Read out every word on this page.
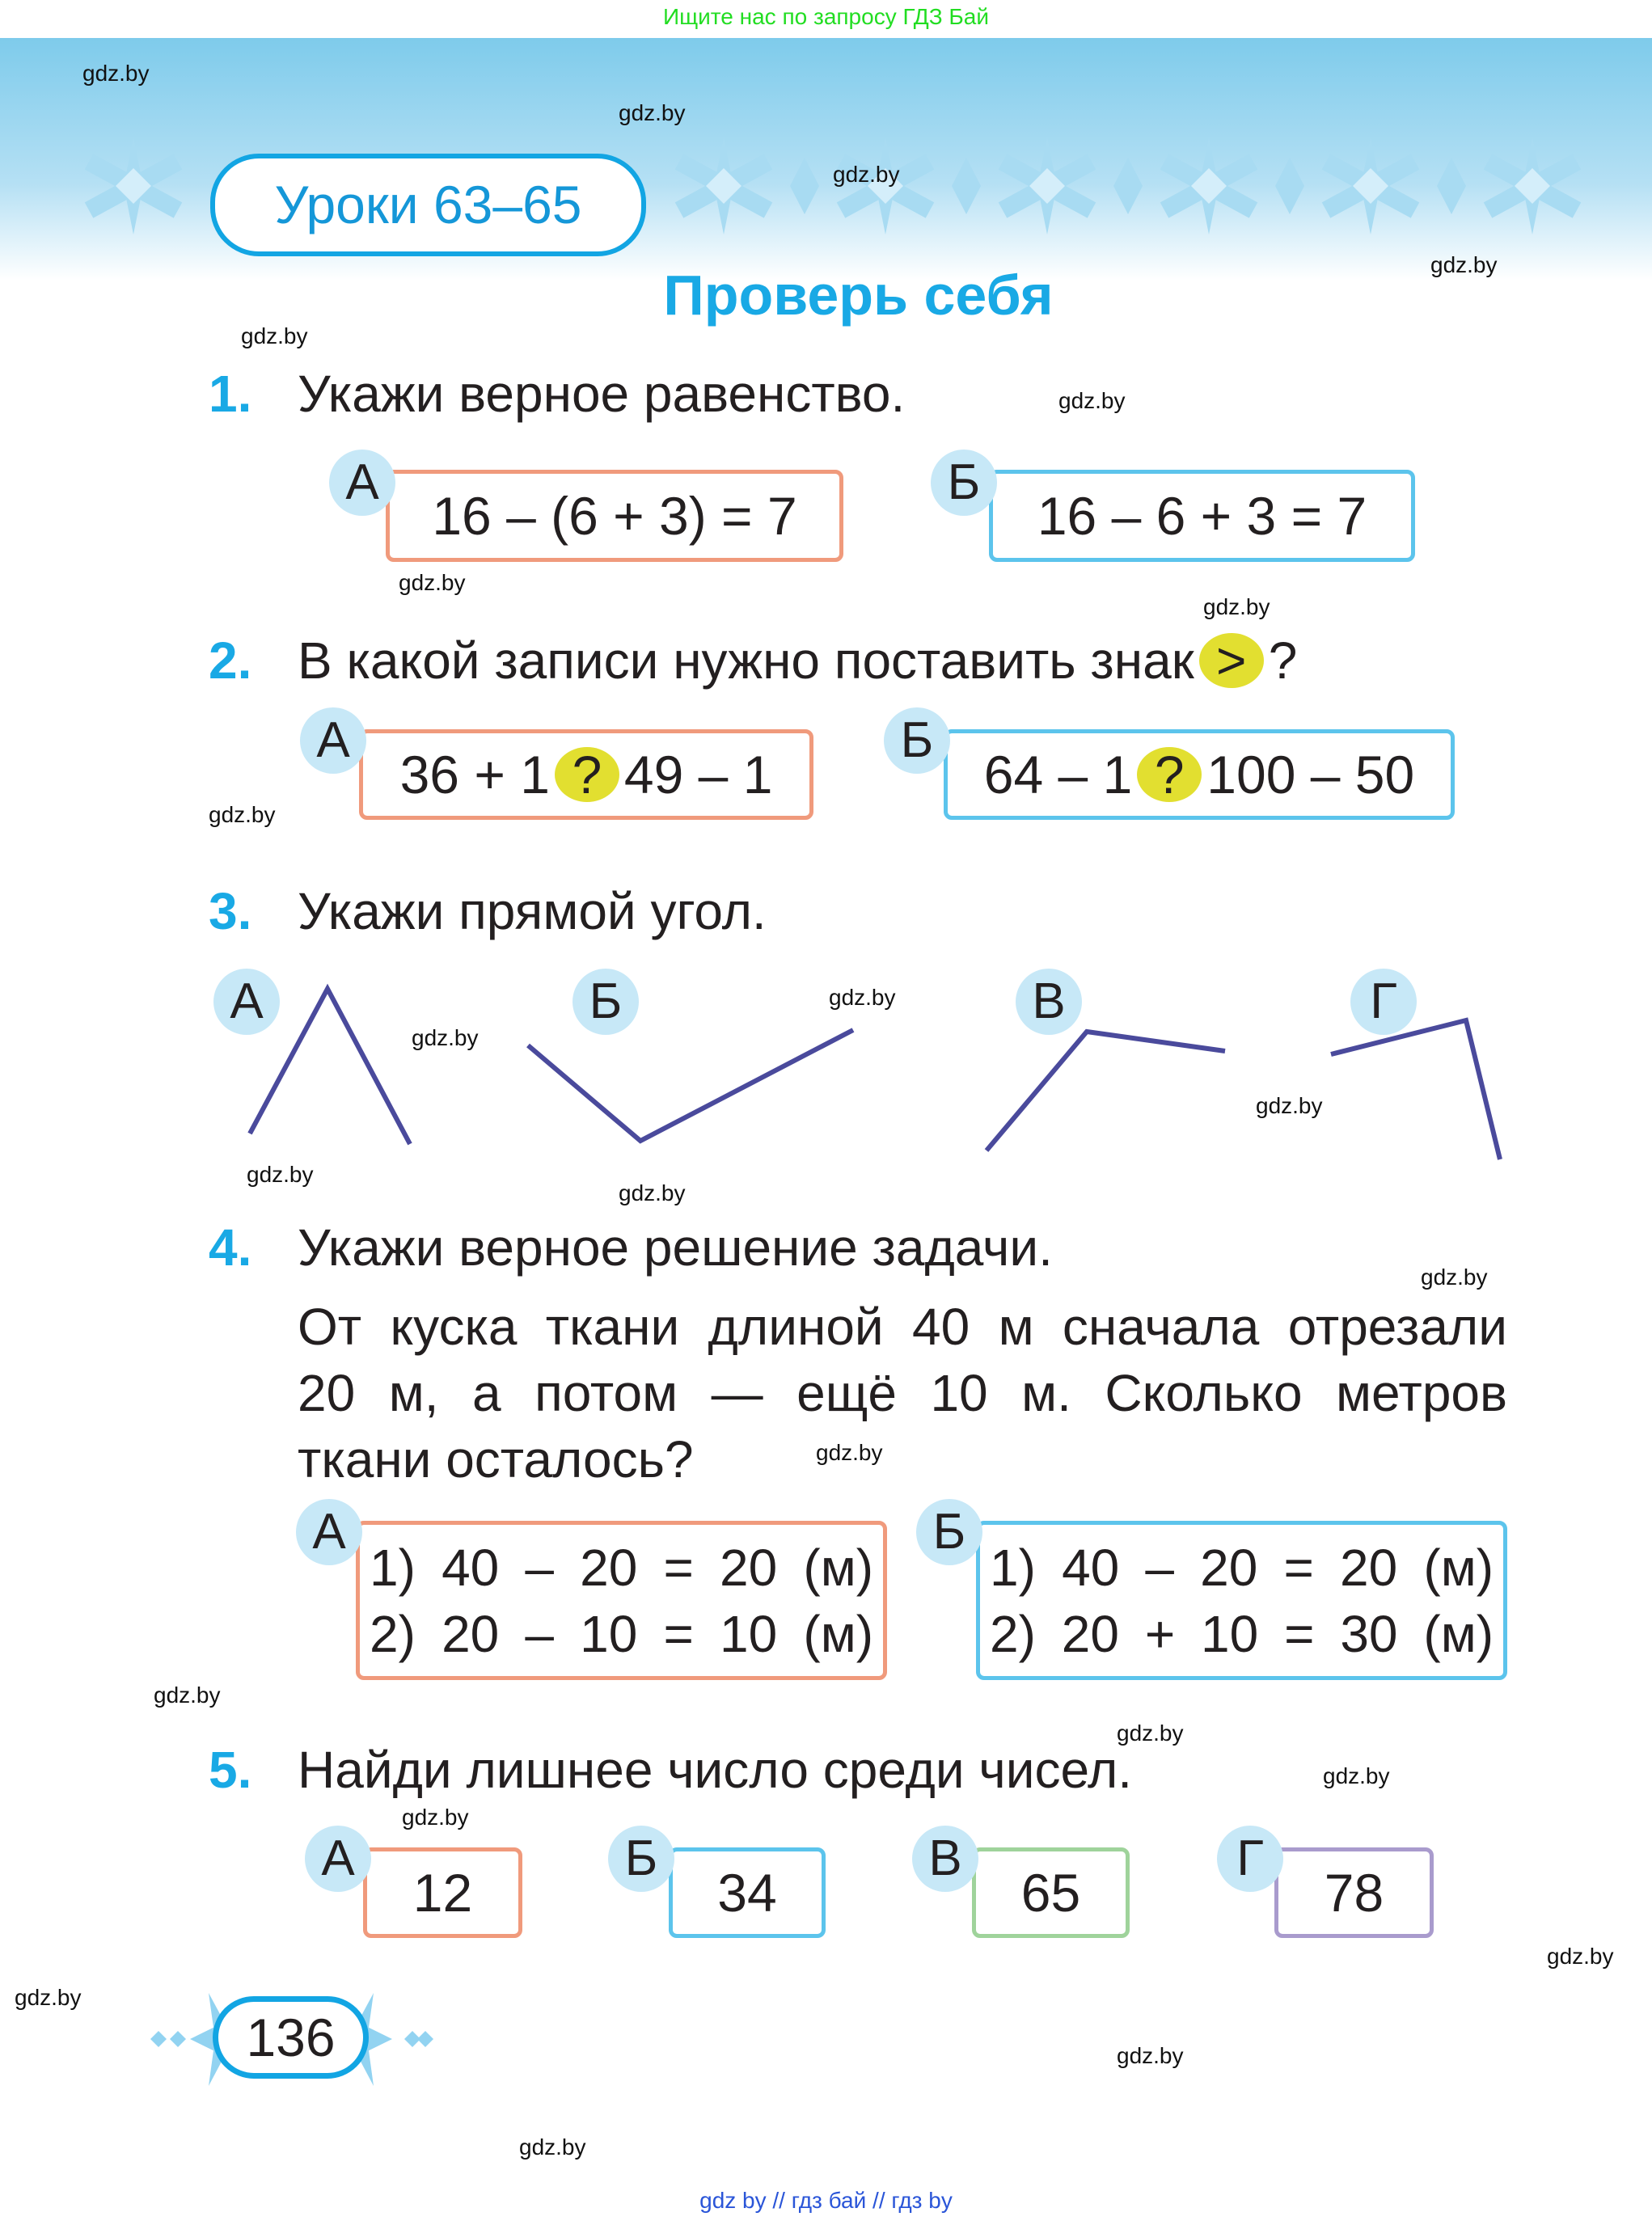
Ищите нас по запросу ГДЗ Бай
Уроки 63–65
Проверь себя
1. Укажи верное равенство.
16 – (6 + 3) = 7
А
16 – 6 + 3 = 7
Б
2. В какой записи нужно поставить знак > ?
36 + 1 ? 49 – 1
А
64 – 1 ? 100 – 50
Б
3. Укажи прямой угол.
А	Б	В	Г
4. Укажи верное решение задачи.
От куска ткани длиной 40 м сначала отрезали
20 м, а потом — ещё 10 м. Сколько метров
ткани осталось?
1) 40 – 20 = 20 (м)
2) 20 – 10 = 10 (м)
А
1) 40 – 20 = 20 (м)
2) 20 + 10 = 30 (м)
Б
5. Найди лишнее число среди чисел.
12
А
34
Б
65
В
78
Г
136
gdz.by
gdz.by
gdz.by
gdz.by
gdz.by
gdz.by
gdz.by
gdz.by
gdz.by
gdz.by
gdz.by
gdz.by
gdz.by
gdz.by
gdz.by
gdz.by
gdz.by
gdz.by
gdz.by
gdz.by
gdz.by
gdz.by
gdz.by
gdz.by
gdz by // гдз бай // гдз by
